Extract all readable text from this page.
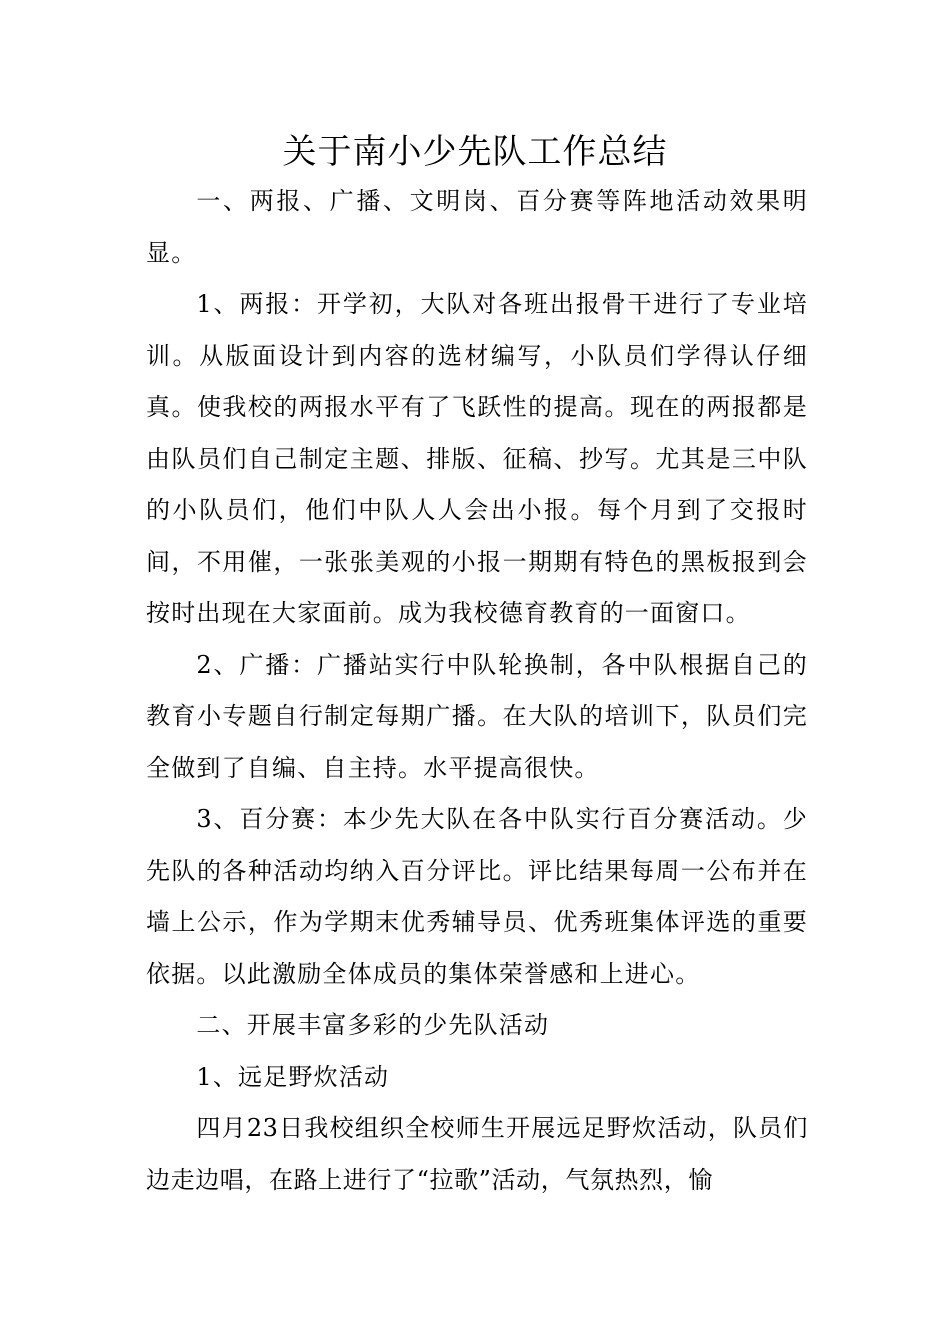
关于南小少先队工作总结

一、两报、广播、文明岗、百分赛等阵地活动效果明显。

1、两报：开学初，大队对各班出报骨干进行了专业培训。从版面设计到内容的选材编写，小队员们学得认仔细真。使我校的两报水平有了飞跃性的提高。现在的两报都是由队员们自己制定主题、排版、征稿、抄写。尤其是三中队的小队员们，他们中队人人会出小报。每个月到了交报时间，不用催，一张张美观的小报一期期有特色的黑板报到会按时出现在大家面前。成为我校德育教育的一面窗口。

2、广播：广播站实行中队轮换制，各中队根据自己的教育小专题自行制定每期广播。在大队的培训下，队员们完全做到了自编、自主持。水平提高很快。

3、百分赛：本少先大队在各中队实行百分赛活动。少先队的各种活动均纳入百分评比。评比结果每周一公布并在墙上公示，作为学期末优秀辅导员、优秀班集体评选的重要依据。以此激励全体成员的集体荣誉感和上进心。

二、开展丰富多彩的少先队活动

1、远足野炊活动

四月23日我校组织全校师生开展远足野炊活动，队员们边走边唱，在路上进行了“拉歌”活动，气氛热烈，愉
